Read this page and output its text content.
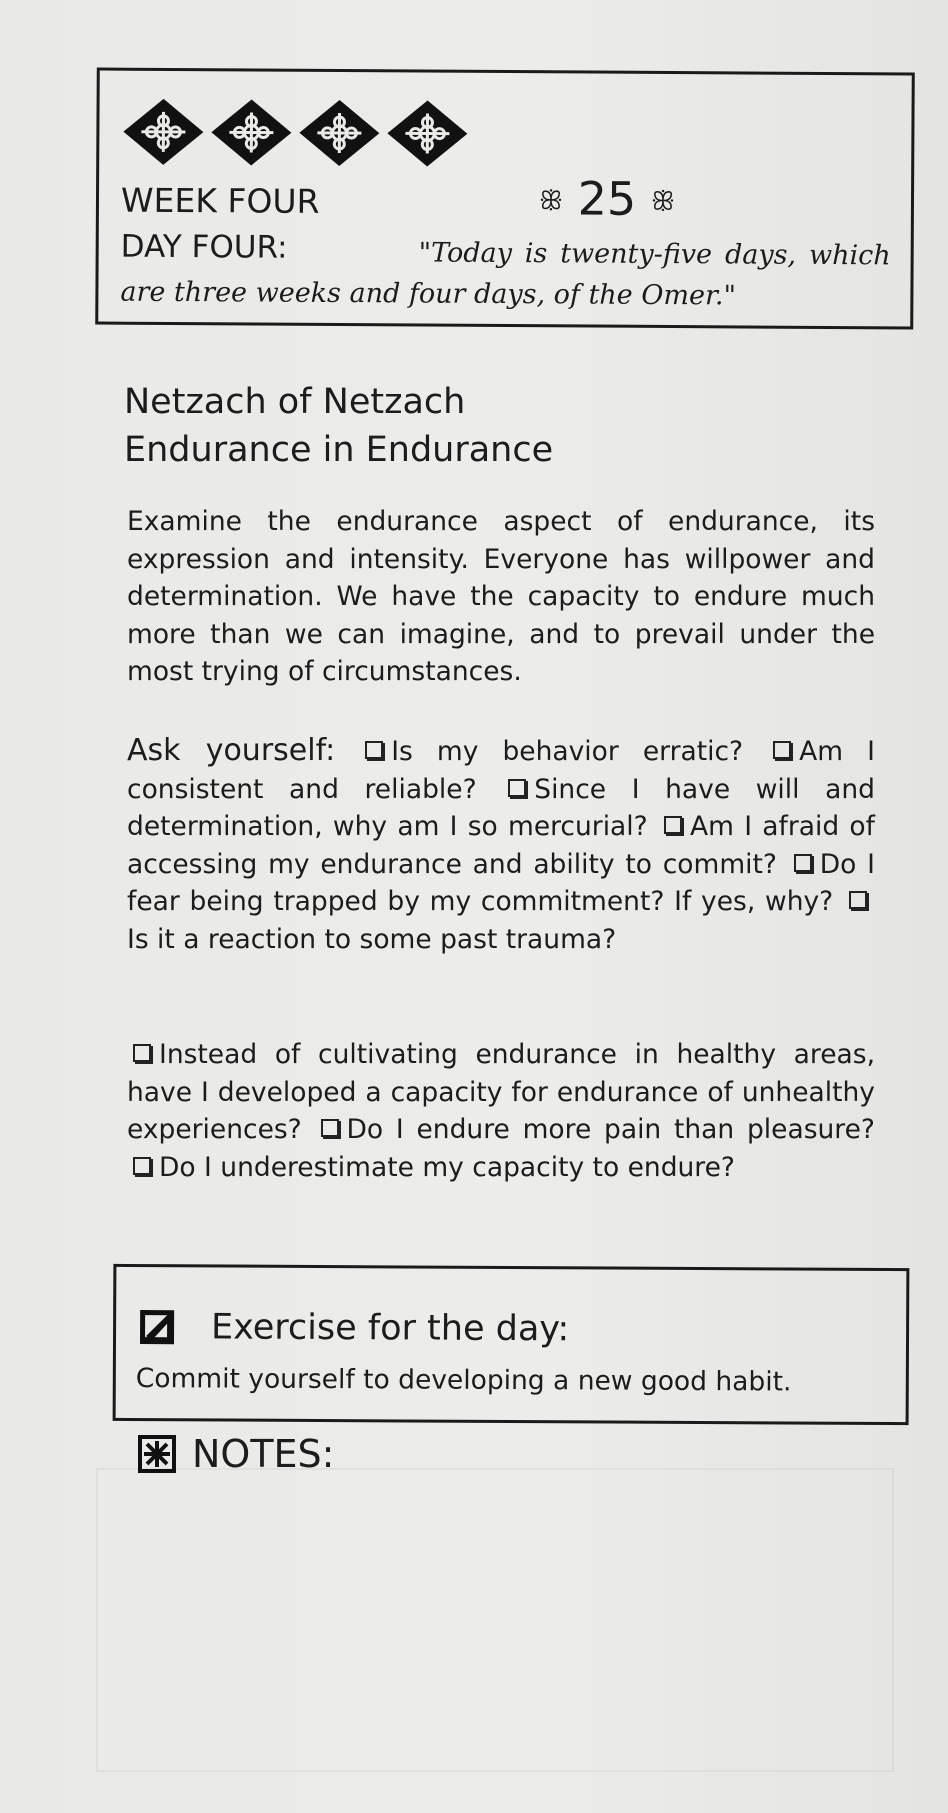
WEEK FOUR	ꕥ 25 ꕥ
DAY FOUR:	"Today is twenty-five days, which are three weeks and four days, of the Omer."

Netzach of Netzach
Endurance in Endurance

Examine the endurance aspect of endurance, its expression and intensity. Everyone has willpower and determination. We have the capacity to endure much more than we can imagine, and to prevail under the most trying of circumstances.

Ask yourself: Is my behavior erratic? Am I consistent and reliable? Since I have will and determination, why am I so mercurial? Am I afraid of accessing my endurance and ability to commit? Do I fear being trapped by my commitment? If yes, why? Is it a reaction to some past trauma?

Instead of cultivating endurance in healthy areas, have I developed a capacity for endurance of unhealthy experiences? Do I endure more pain than pleasure? Do I underestimate my capacity to endure?

Exercise for the day:
Commit yourself to developing a new good habit.
NOTES:
